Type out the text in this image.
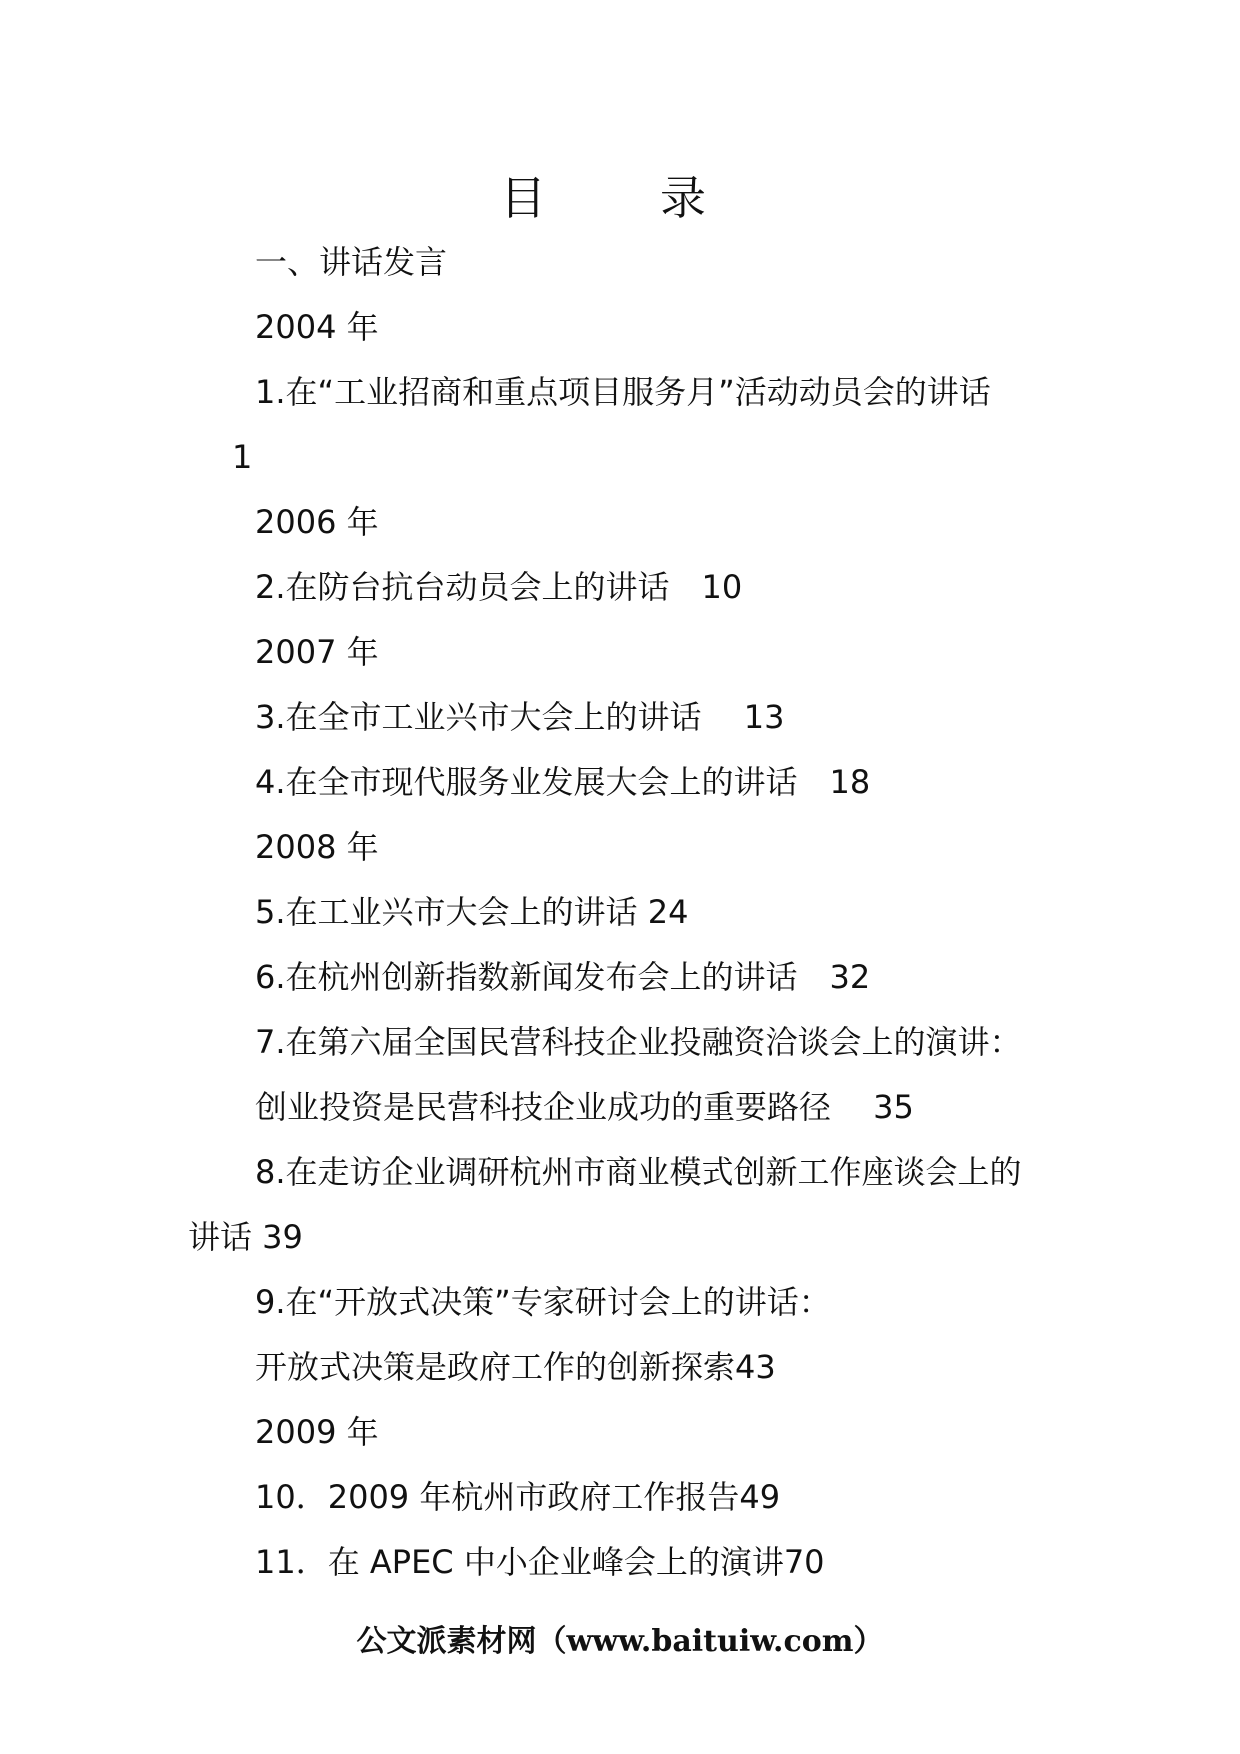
目　录
一、讲话发言
2004 年
1.在“工业招商和重点项目服务月”活动动员会的讲话
1
2006 年
2.在防台抗台动员会上的讲话　10
2007 年
3.在全市工业兴市大会上的讲话　 13
4.在全市现代服务业发展大会上的讲话　18
2008 年
5.在工业兴市大会上的讲话 24
6.在杭州创新指数新闻发布会上的讲话　32
7.在第六届全国民营科技企业投融资洽谈会上的演讲：
创业投资是民营科技企业成功的重要路径　 35
8.在走访企业调研杭州市商业模式创新工作座谈会上的
讲话 39
9.在“开放式决策”专家研讨会上的讲话：
开放式决策是政府工作的创新探索43
2009 年
10．2009 年杭州市政府工作报告49
11．在 APEC 中小企业峰会上的演讲70
公文派素材网（www.baituiw.com）
